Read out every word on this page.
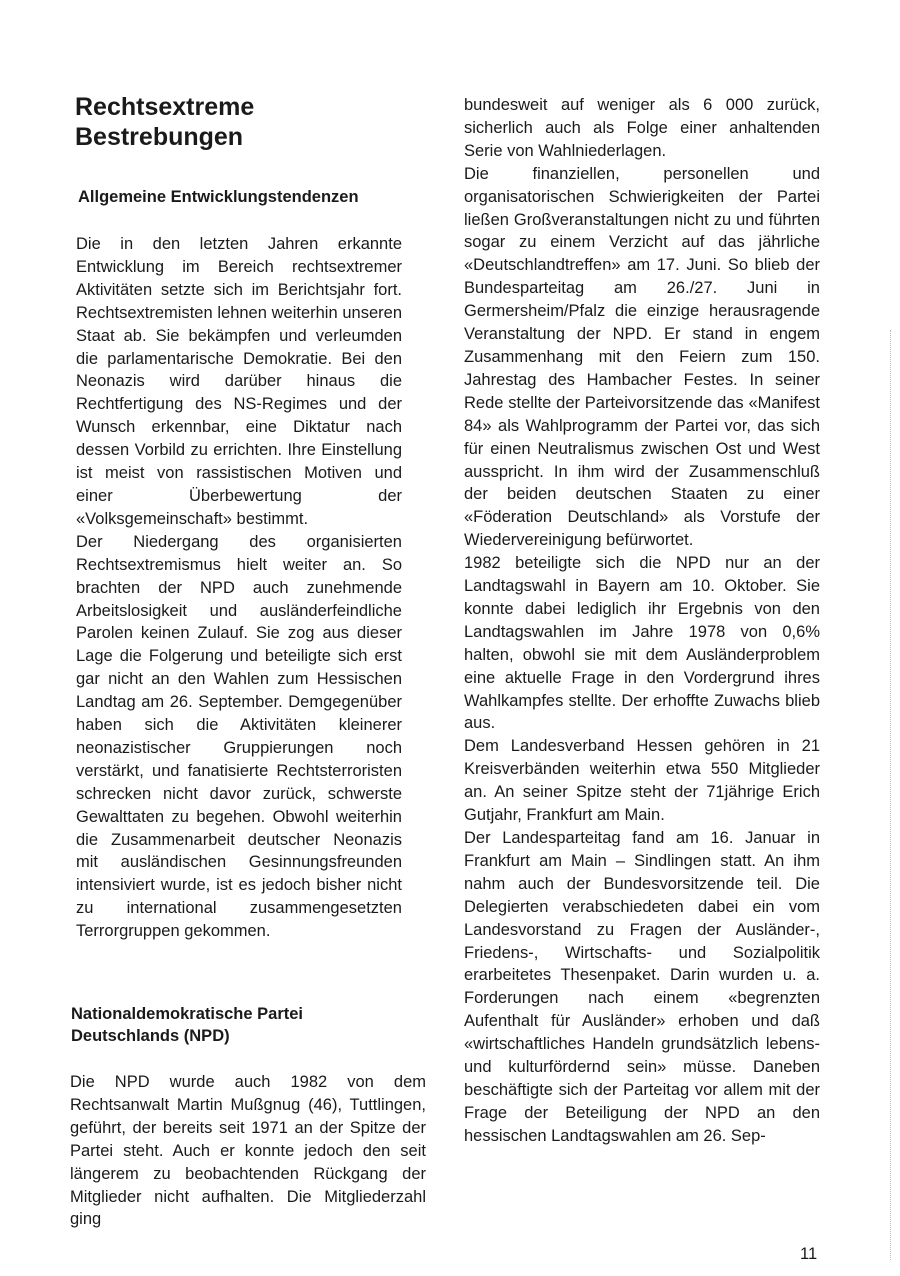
Rechtsextreme Bestrebungen
Allgemeine Entwicklungstendenzen

Die in den letzten Jahren erkannte Entwicklung im Bereich rechtsextremer Aktivitäten setzte sich im Berichtsjahr fort. Rechtsextremisten lehnen weiterhin unseren Staat ab. Sie bekämpfen und verleumden die parlamentarische Demokratie. Bei den Neonazis wird darüber hinaus die Rechtfertigung des NS-Regimes und der Wunsch erkennbar, eine Diktatur nach dessen Vorbild zu errichten. Ihre Einstellung ist meist von rassistischen Motiven und einer Überbewertung der «Volksgemeinschaft» bestimmt.

Der Niedergang des organisierten Rechtsextremismus hielt weiter an. So brachten der NPD auch zunehmende Arbeitslosigkeit und ausländerfeindliche Parolen keinen Zulauf. Sie zog aus dieser Lage die Folgerung und beteiligte sich erst gar nicht an den Wahlen zum Hessischen Landtag am 26. September. Demgegenüber haben sich die Aktivitäten kleinerer neonazistischer Gruppierungen noch verstärkt, und fanatisierte Rechtsterroristen schrecken nicht davor zurück, schwerste Gewalttaten zu begehen. Obwohl weiterhin die Zusammenarbeit deutscher Neonazis mit ausländischen Gesinnungsfreunden intensiviert wurde, ist es jedoch bisher nicht zu international zusammengesetzten Terrorgruppen gekommen.

Nationaldemokratische Partei
Deutschlands (NPD)

Die NPD wurde auch 1982 von dem Rechtsanwalt Martin Mußgnug (46), Tuttlingen, geführt, der bereits seit 1971 an der Spitze der Partei steht. Auch er konnte jedoch den seit längerem zu beobachtenden Rückgang der Mitglieder nicht aufhalten. Die Mitgliederzahl ging

bundesweit auf weniger als 6 000 zurück, sicherlich auch als Folge einer anhaltenden Serie von Wahlniederlagen.

Die finanziellen, personellen und organisatorischen Schwierigkeiten der Partei ließen Großveranstaltungen nicht zu und führten sogar zu einem Verzicht auf das jährliche «Deutschlandtreffen» am 17. Juni. So blieb der Bundesparteitag am 26./27. Juni in Germersheim/Pfalz die einzige herausragende Veranstaltung der NPD. Er stand in engem Zusammenhang mit den Feiern zum 150. Jahrestag des Hambacher Festes. In seiner Rede stellte der Parteivorsitzende das «Manifest 84» als Wahlprogramm der Partei vor, das sich für einen Neutralismus zwischen Ost und West ausspricht. In ihm wird der Zusammenschluß der beiden deutschen Staaten zu einer «Föderation Deutschland» als Vorstufe der Wiedervereinigung befürwortet.

1982 beteiligte sich die NPD nur an der Landtagswahl in Bayern am 10. Oktober. Sie konnte dabei lediglich ihr Ergebnis von den Landtagswahlen im Jahre 1978 von 0,6% halten, obwohl sie mit dem Ausländerproblem eine aktuelle Frage in den Vordergrund ihres Wahlkampfes stellte. Der erhoffte Zuwachs blieb aus.

Dem Landesverband Hessen gehören in 21 Kreisverbänden weiterhin etwa 550 Mitglieder an. An seiner Spitze steht der 71jährige Erich Gutjahr, Frankfurt am Main.

Der Landesparteitag fand am 16. Januar in Frankfurt am Main – Sindlingen statt. An ihm nahm auch der Bundesvorsitzende teil. Die Delegierten verabschiedeten dabei ein vom Landesvorstand zu Fragen der Ausländer-, Friedens-, Wirtschafts- und Sozialpolitik erarbeitetes Thesenpaket. Darin wurden u. a. Forderungen nach einem «begrenzten Aufenthalt für Ausländer» erhoben und daß «wirtschaftliches Handeln grundsätzlich lebens- und kulturfördernd sein» müsse. Daneben beschäftigte sich der Parteitag vor allem mit der Frage der Beteiligung der NPD an den hessischen Landtagswahlen am 26. Sep-

11
